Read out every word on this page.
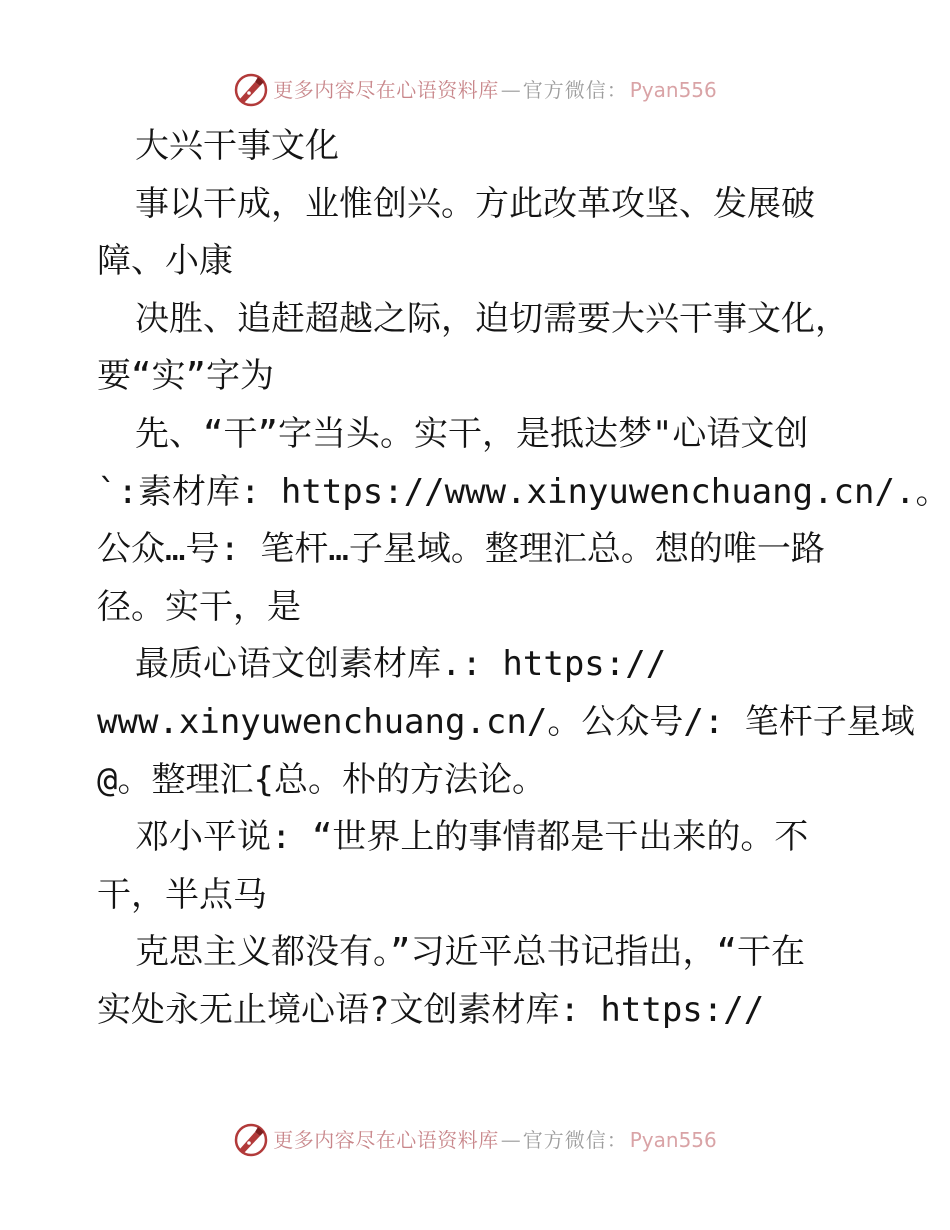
更多内容尽在心语资料库 — 官方微信： Pyan556

大兴干事文化

事以干成，业惟创兴。方此改革攻坚、发展破

障、小康

决胜、追赶超越之际，迫切需要大兴干事文化，

要“实”字为

先、“干”字当头。实干，是抵达梦"心语文创

`:素材库: https://www.xinyuwenchuang.cn/.。

公众…号: 笔杆…子星域。整理汇总。想的唯一路

径。实干，是

最质心语文创素材库.: https://

www.xinyuwenchuang.cn/。公众号/: 笔杆子星域

@。整理汇{总。朴的方法论。

邓小平说: “世界上的事情都是干出来的。不

干，半点马

克思主义都没有。”习近平总书记指出，“干在

实处永无止境心语?文创素材库: https://

更多内容尽在心语资料库 — 官方微信： Pyan556
